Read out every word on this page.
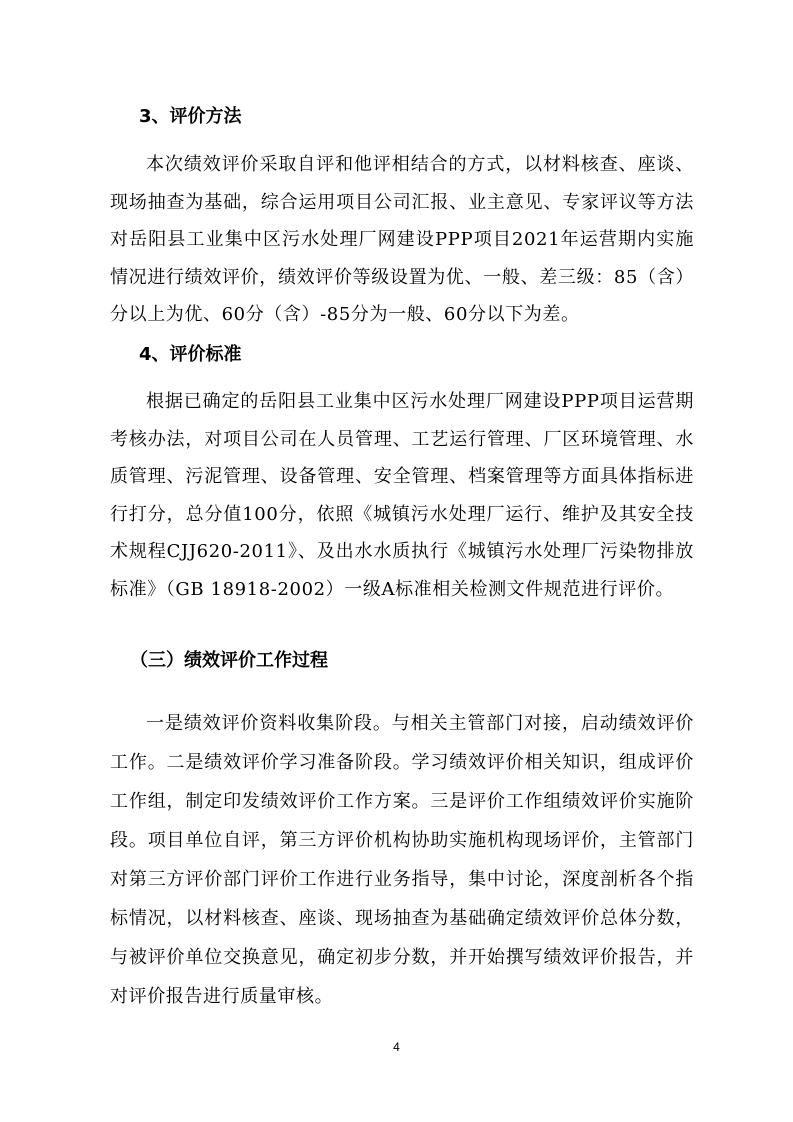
3、评价方法

本次绩效评价采取自评和他评相结合的方式，以材料核查、座谈、现场抽查为基础，综合运用项目公司汇报、业主意见、专家评议等方法对岳阳县工业集中区污水处理厂网建设PPP项目2021年运营期内实施情况进行绩效评价，绩效评价等级设置为优、一般、差三级：85（含）分以上为优、60分（含）-85分为一般、60分以下为差。

4、评价标准

根据已确定的岳阳县工业集中区污水处理厂网建设PPP项目运营期考核办法，对项目公司在人员管理、工艺运行管理、厂区环境管理、水质管理、污泥管理、设备管理、安全管理、档案管理等方面具体指标进行打分，总分值100分，依照《城镇污水处理厂运行、维护及其安全技术规程CJJ620-2011》、及出水水质执行《城镇污水处理厂污染物排放标准》（GB 18918-2002）一级A标准相关检测文件规范进行评价。

（三）绩效评价工作过程

一是绩效评价资料收集阶段。与相关主管部门对接，启动绩效评价工作。二是绩效评价学习准备阶段。学习绩效评价相关知识，组成评价工作组，制定印发绩效评价工作方案。三是评价工作组绩效评价实施阶段。项目单位自评，第三方评价机构协助实施机构现场评价，主管部门对第三方评价部门评价工作进行业务指导，集中讨论，深度剖析各个指标情况，以材料核查、座谈、现场抽查为基础确定绩效评价总体分数，与被评价单位交换意见，确定初步分数，并开始撰写绩效评价报告，并对评价报告进行质量审核。

4
